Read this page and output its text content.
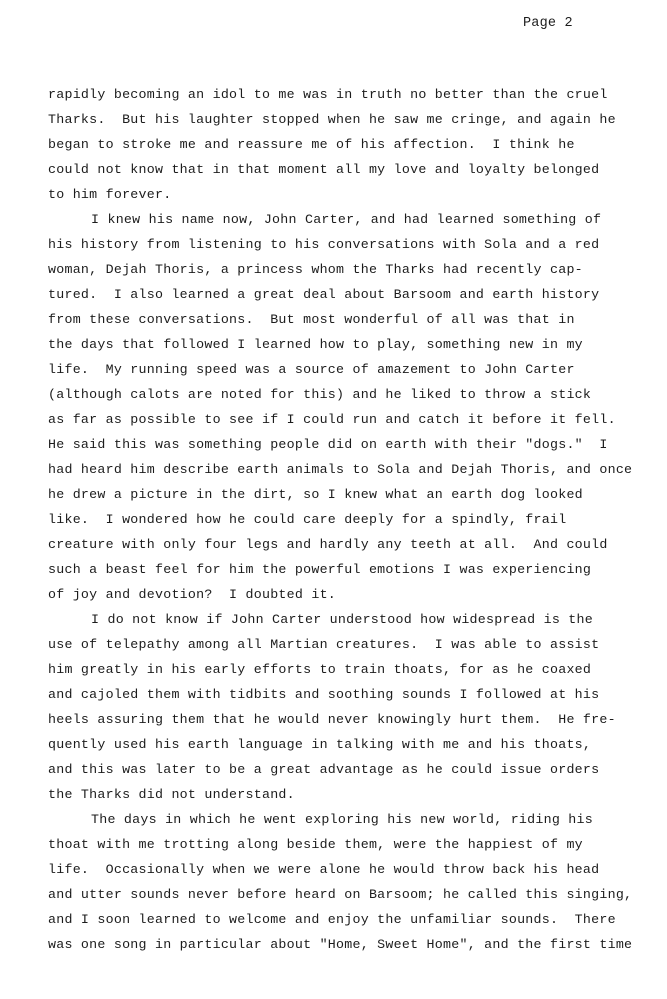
Page 2
rapidly becoming an idol to me was in truth no better than the cruel
Tharks.  But his laughter stopped when he saw me cringe, and again he
began to stroke me and reassure me of his affection.  I think he
could not know that in that moment all my love and loyalty belonged
to him forever.
I knew his name now, John Carter, and had learned something of
his history from listening to his conversations with Sola and a red
woman, Dejah Thoris, a princess whom the Tharks had recently cap-
tured.  I also learned a great deal about Barsoom and earth history
from these conversations.  But most wonderful of all was that in
the days that followed I learned how to play, something new in my
life.  My running speed was a source of amazement to John Carter
(although calots are noted for this) and he liked to throw a stick
as far as possible to see if I could run and catch it before it fell.
He said this was something people did on earth with their "dogs."  I
had heard him describe earth animals to Sola and Dejah Thoris, and once
he drew a picture in the dirt, so I knew what an earth dog looked
like.  I wondered how he could care deeply for a spindly, frail
creature with only four legs and hardly any teeth at all.  And could
such a beast feel for him the powerful emotions I was experiencing
of joy and devotion?  I doubted it.
I do not know if John Carter understood how widespread is the
use of telepathy among all Martian creatures.  I was able to assist
him greatly in his early efforts to train thoats, for as he coaxed
and cajoled them with tidbits and soothing sounds I followed at his
heels assuring them that he would never knowingly hurt them.  He fre-
quently used his earth language in talking with me and his thoats,
and this was later to be a great advantage as he could issue orders
the Tharks did not understand.
The days in which he went exploring his new world, riding his
thoat with me trotting along beside them, were the happiest of my
life.  Occasionally when we were alone he would throw back his head
and utter sounds never before heard on Barsoom; he called this singing,
and I soon learned to welcome and enjoy the unfamiliar sounds.  There
was one song in particular about "Home, Sweet Home", and the first time
